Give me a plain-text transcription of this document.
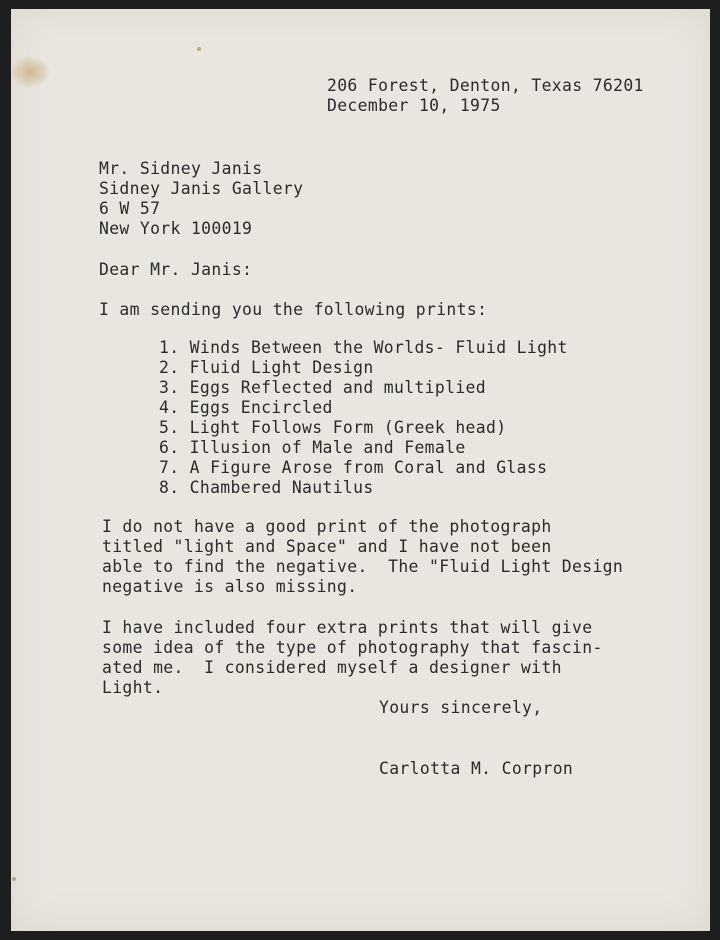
206 Forest, Denton, Texas 76201
December 10, 1975
Mr. Sidney Janis
Sidney Janis Gallery
6 W 57
New York 100019
Dear Mr. Janis:
I am sending you the following prints:
1. Winds Between the Worlds- Fluid Light
2. Fluid Light Design
3. Eggs Reflected and multiplied
4. Eggs Encircled
5. Light Follows Form (Greek head)
6. Illusion of Male and Female
7. A Figure Arose from Coral and Glass
8. Chambered Nautilus
I do not have a good print of the photograph
titled "light and Space" and I have not been
able to find the negative.  The "Fluid Light Design
negative is also missing.
I have included four extra prints that will give
some idea of the type of photography that fascin-
ated me.  I considered myself a designer with
Light.
Yours sincerely,
Carlotta M. Corpron
